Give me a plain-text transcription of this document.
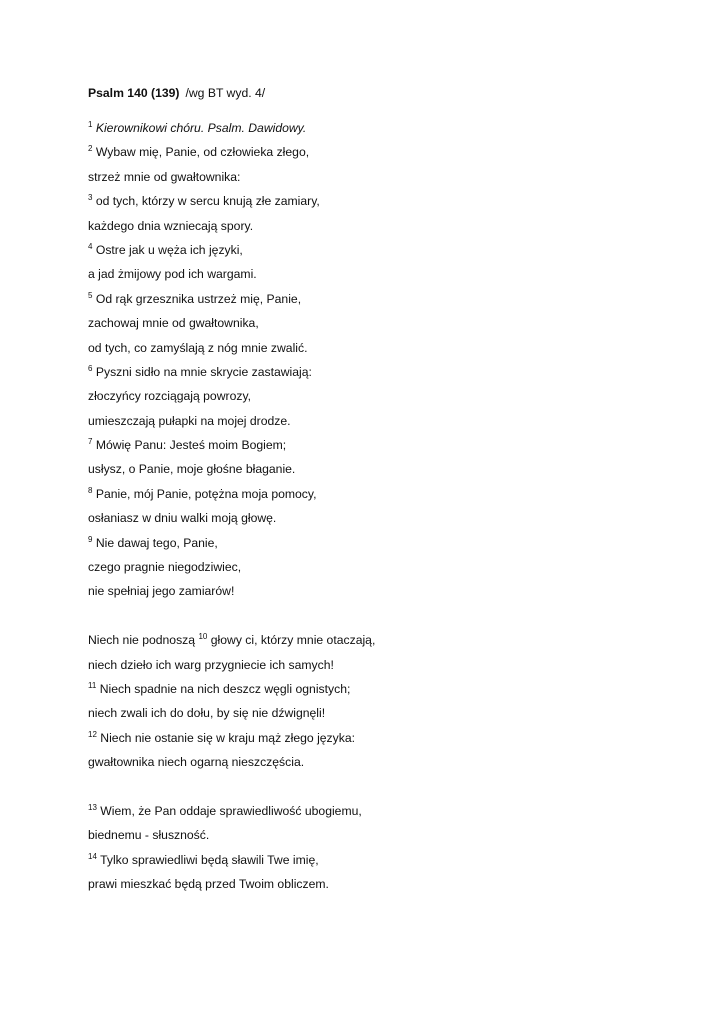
Psalm 140 (139) /wg BT wyd. 4/
$^1$ Kierownikowi chóru. Psalm. Dawidowy.
$^2$ Wybaw mię, Panie, od człowieka złego,
strzeż mnie od gwałtownika:
$^3$ od tych, którzy w sercu knują złe zamiary,
każdego dnia wzniecają spory.
$^4$ Ostre jak u węża ich języki,
a jad żmijowy pod ich wargami.
$^5$ Od rąk grzesznika ustrzeż mię, Panie,
zachowaj mnie od gwałtownika,
od tych, co zamyślają z nóg mnie zwalić.
$^6$ Pyszni sidło na mnie skrycie zastawiają:
złoczyńcy rozciągają powrozy,
umieszczają pułapki na mojej drodze.
$^7$ Mówię Panu: Jesteś moim Bogiem;
usłysz, o Panie, moje głośne błaganie.
$^8$ Panie, mój Panie, potężna moja pomocy,
osłaniasz w dniu walki moją głowę.
$^9$ Nie dawaj tego, Panie,
czego pragnie niegodziwiec,
nie spełniaj jego zamiarów!
Niech nie podnoszą $^{10}$ głowy ci, którzy mnie otaczają,
niech dzieło ich warg przygniecie ich samych!
$^{11}$ Niech spadnie na nich deszcz węgli ognistych;
niech zwali ich do dołu, by się nie dźwignęli!
$^{12}$ Niech nie ostanie się w kraju mąż złego języka:
gwałtownika niech ogarną nieszczęścia.
$^{13}$ Wiem, że Pan oddaje sprawiedliwość ubogiemu,
biednemu - słuszność.
$^{14}$ Tylko sprawiedliwi będą sławili Twe imię,
prawi mieszkać będą przed Twoim obliczem.
